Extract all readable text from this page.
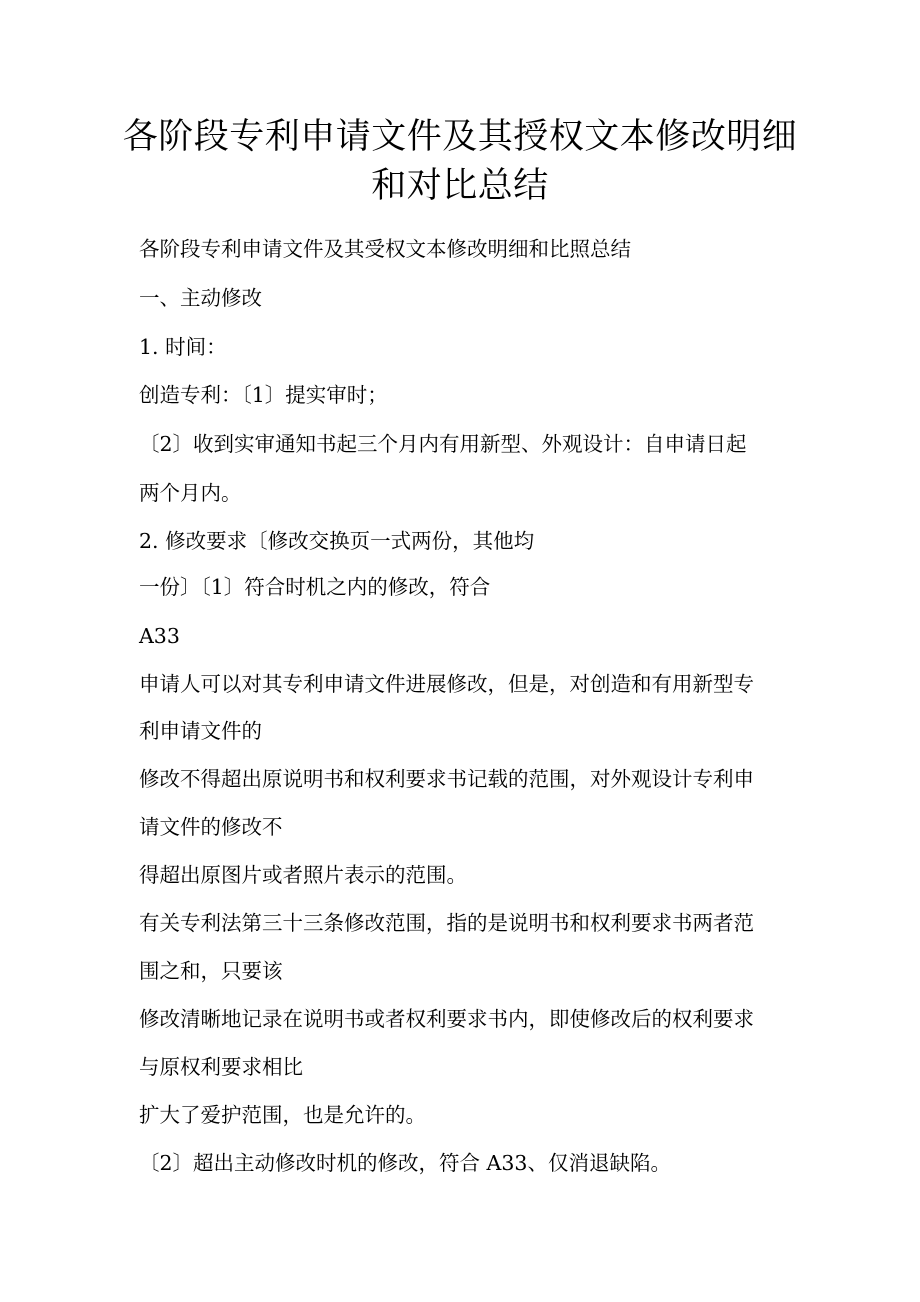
各阶段专利申请文件及其授权文本修改明细
和对比总结
各阶段专利申请文件及其受权文本修改明细和比照总结
一、主动修改
1. 时间：
创造专利：〔1〕提实审时；
〔2〕收到实审通知书起三个月内有用新型、外观设计：自申请日起
两个月内。
2. 修改要求〔修改交换页一式两份，其他均
一份〕〔1〕符合时机之内的修改，符合
A33
申请人可以对其专利申请文件进展修改，但是，对创造和有用新型专
利申请文件的
修改不得超出原说明书和权利要求书记载的范围，对外观设计专利申
请文件的修改不
得超出原图片或者照片表示的范围。
有关专利法第三十三条修改范围，指的是说明书和权利要求书两者范
围之和，只要该
修改清晰地记录在说明书或者权利要求书内，即使修改后的权利要求
与原权利要求相比
扩大了爱护范围，也是允许的。
〔2〕超出主动修改时机的修改，符合 A33、仅消退缺陷。
